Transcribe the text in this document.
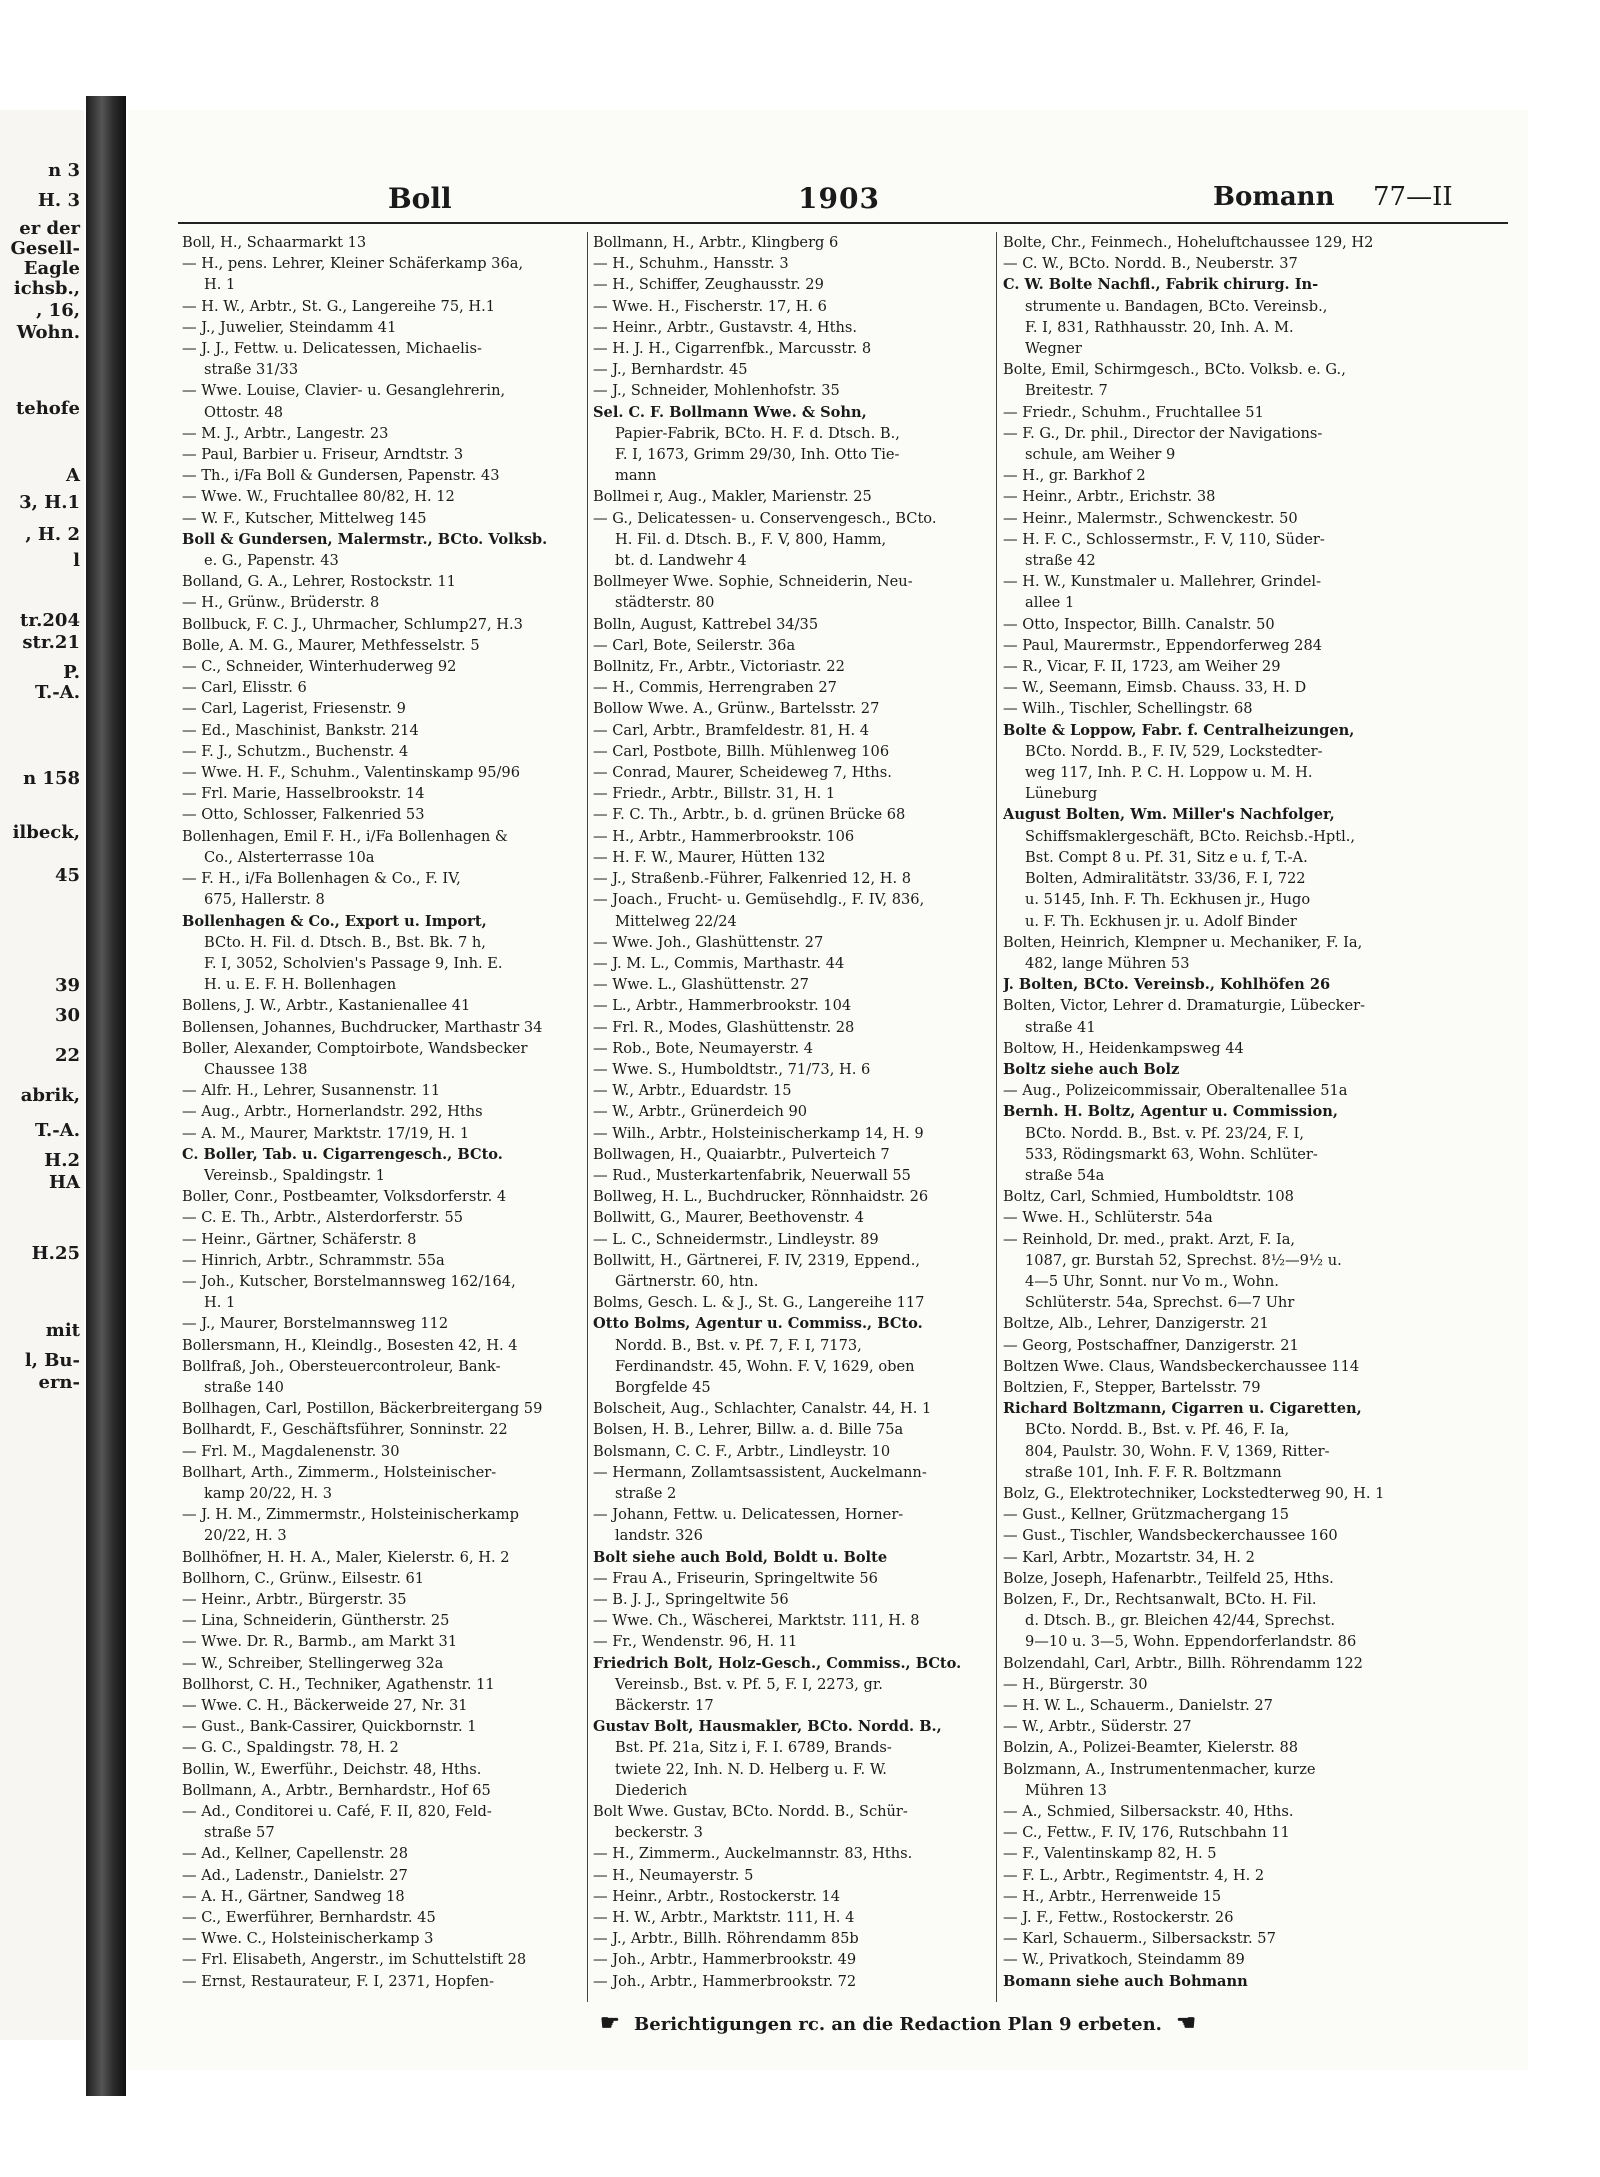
n 3
H. 3
er der
Gesell-
Eagle
ichsb.,
, 16,
Wohn.
tehofe
A
3, H.1
, H. 2
l
tr.204
str.21
P.
T.-A.
n 158
ilbeck,
45
39
30
22
abrik,
T.-A.
H.2
HA
H.25
mit
l, Bu-
ern-
Boll	1903	Bomann 77—II
Boll, H., Schaarmarkt 13
— H., pens. Lehrer, Kleiner Schäferkamp 36a,
H. 1
— H. W., Arbtr., St. G., Langereihe 75, H.1
— J., Juwelier, Steindamm 41
— J. J., Fettw. u. Delicatessen, Michaelis-
straße 31/33
— Wwe. Louise, Clavier- u. Gesanglehrerin,
Ottostr. 48
— M. J., Arbtr., Langestr. 23
— Paul, Barbier u. Friseur, Arndtstr. 3
— Th., i/Fa Boll & Gundersen, Papenstr. 43
— Wwe. W., Fruchtallee 80/82, H. 12
— W. F., Kutscher, Mittelweg 145
Boll & Gundersen, Malermstr., BCto. Volksb.
e. G., Papenstr. 43
Bolland, G. A., Lehrer, Rostockstr. 11
— H., Grünw., Brüderstr. 8
Bollbuck, F. C. J., Uhrmacher, Schlump27, H.3
Bolle, A. M. G., Maurer, Methfesselstr. 5
— C., Schneider, Winterhuderweg 92
— Carl, Elisstr. 6
— Carl, Lagerist, Friesenstr. 9
— Ed., Maschinist, Bankstr. 214
— F. J., Schutzm., Buchenstr. 4
— Wwe. H. F., Schuhm., Valentinskamp 95/96
— Frl. Marie, Hasselbrookstr. 14
— Otto, Schlosser, Falkenried 53
Bollenhagen, Emil F. H., i/Fa Bollenhagen &
Co., Alsterterrasse 10a
— F. H., i/Fa Bollenhagen & Co., F. IV,
675, Hallerstr. 8
Bollenhagen & Co., Export u. Import,
BCto. H. Fil. d. Dtsch. B., Bst. Bk. 7 h,
F. I, 3052, Scholvien's Passage 9, Inh. E.
H. u. E. F. H. Bollenhagen
Bollens, J. W., Arbtr., Kastanienallee 41
Bollensen, Johannes, Buchdrucker, Marthastr 34
Boller, Alexander, Comptoirbote, Wandsbecker
Chaussee 138
— Alfr. H., Lehrer, Susannenstr. 11
— Aug., Arbtr., Hornerlandstr. 292, Hths
— A. M., Maurer, Marktstr. 17/19, H. 1
C. Boller, Tab. u. Cigarrengesch., BCto.
Vereinsb., Spaldingstr. 1
Boller, Conr., Postbeamter, Volksdorferstr. 4
— C. E. Th., Arbtr., Alsterdorferstr. 55
— Heinr., Gärtner, Schäferstr. 8
— Hinrich, Arbtr., Schrammstr. 55a
— Joh., Kutscher, Borstelmannsweg 162/164,
H. 1
— J., Maurer, Borstelmannsweg 112
Bollersmann, H., Kleindlg., Bosesten 42, H. 4
Bollfraß, Joh., Obersteuercontroleur, Bank-
straße 140
Bollhagen, Carl, Postillon, Bäckerbreitergang 59
Bollhardt, F., Geschäftsführer, Sonninstr. 22
— Frl. M., Magdalenenstr. 30
Bollhart, Arth., Zimmerm., Holsteinischer-
kamp 20/22, H. 3
— J. H. M., Zimmermstr., Holsteinischerkamp
20/22, H. 3
Bollhöfner, H. H. A., Maler, Kielerstr. 6, H. 2
Bollhorn, C., Grünw., Eilsestr. 61
— Heinr., Arbtr., Bürgerstr. 35
— Lina, Schneiderin, Güntherstr. 25
— Wwe. Dr. R., Barmb., am Markt 31
— W., Schreiber, Stellingerweg 32a
Bollhorst, C. H., Techniker, Agathenstr. 11
— Wwe. C. H., Bäckerweide 27, Nr. 31
— Gust., Bank-Cassirer, Quickbornstr. 1
— G. C., Spaldingstr. 78, H. 2
Bollin, W., Ewerführ., Deichstr. 48, Hths.
Bollmann, A., Arbtr., Bernhardstr., Hof 65
— Ad., Conditorei u. Café, F. II, 820, Feld-
straße 57
— Ad., Kellner, Capellenstr. 28
— Ad., Ladenstr., Danielstr. 27
— A. H., Gärtner, Sandweg 18
— C., Ewerführer, Bernhardstr. 45
— Wwe. C., Holsteinischerkamp 3
— Frl. Elisabeth, Angerstr., im Schuttelstift 28
— Ernst, Restaurateur, F. I, 2371, Hopfen-
Bollmann, H., Arbtr., Klingberg 6
— H., Schuhm., Hansstr. 3
— H., Schiffer, Zeughausstr. 29
— Wwe. H., Fischerstr. 17, H. 6
— Heinr., Arbtr., Gustavstr. 4, Hths.
— H. J. H., Cigarrenfbk., Marcusstr. 8
— J., Bernhardstr. 45
— J., Schneider, Mohlenhofstr. 35
Sel. C. F. Bollmann Wwe. & Sohn,
Papier-Fabrik, BCto. H. F. d. Dtsch. B.,
F. I, 1673, Grimm 29/30, Inh. Otto Tie-
mann
Bollmei r, Aug., Makler, Marienstr. 25
— G., Delicatessen- u. Conservengesch., BCto.
H. Fil. d. Dtsch. B., F. V, 800, Hamm,
bt. d. Landwehr 4
Bollmeyer Wwe. Sophie, Schneiderin, Neu-
städterstr. 80
Bolln, August, Kattrebel 34/35
— Carl, Bote, Seilerstr. 36a
Bollnitz, Fr., Arbtr., Victoriastr. 22
— H., Commis, Herrengraben 27
Bollow Wwe. A., Grünw., Bartelsstr. 27
— Carl, Arbtr., Bramfeldestr. 81, H. 4
— Carl, Postbote, Billh. Mühlenweg 106
— Conrad, Maurer, Scheideweg 7, Hths.
— Friedr., Arbtr., Billstr. 31, H. 1
— F. C. Th., Arbtr., b. d. grünen Brücke 68
— H., Arbtr., Hammerbrookstr. 106
— H. F. W., Maurer, Hütten 132
— J., Straßenb.-Führer, Falkenried 12, H. 8
— Joach., Frucht- u. Gemüsehdlg., F. IV, 836,
Mittelweg 22/24
— Wwe. Joh., Glashüttenstr. 27
— J. M. L., Commis, Marthastr. 44
— Wwe. L., Glashüttenstr. 27
— L., Arbtr., Hammerbrookstr. 104
— Frl. R., Modes, Glashüttenstr. 28
— Rob., Bote, Neumayerstr. 4
— Wwe. S., Humboldtstr., 71/73, H. 6
— W., Arbtr., Eduardstr. 15
— W., Arbtr., Grünerdeich 90
— Wilh., Arbtr., Holsteinischerkamp 14, H. 9
Bollwagen, H., Quaiarbtr., Pulverteich 7
— Rud., Musterkartenfabrik, Neuerwall 55
Bollweg, H. L., Buchdrucker, Rönnhaidstr. 26
Bollwitt, G., Maurer, Beethovenstr. 4
— L. C., Schneidermstr., Lindleystr. 89
Bollwitt, H., Gärtnerei, F. IV, 2319, Eppend.,
Gärtnerstr. 60, htn.
Bolms, Gesch. L. & J., St. G., Langereihe 117
Otto Bolms, Agentur u. Commiss., BCto.
Nordd. B., Bst. v. Pf. 7, F. I, 7173,
Ferdinandstr. 45, Wohn. F. V, 1629, oben
Borgfelde 45
Bolscheit, Aug., Schlachter, Canalstr. 44, H. 1
Bolsen, H. B., Lehrer, Billw. a. d. Bille 75a
Bolsmann, C. C. F., Arbtr., Lindleystr. 10
— Hermann, Zollamtsassistent, Auckelmann-
straße 2
— Johann, Fettw. u. Delicatessen, Horner-
landstr. 326
Bolt siehe auch Bold, Boldt u. Bolte
— Frau A., Friseurin, Springeltwite 56
— B. J. J., Springeltwite 56
— Wwe. Ch., Wäscherei, Marktstr. 111, H. 8
— Fr., Wendenstr. 96, H. 11
Friedrich Bolt, Holz-Gesch., Commiss., BCto.
Vereinsb., Bst. v. Pf. 5, F. I, 2273, gr.
Bäckerstr. 17
Gustav Bolt, Hausmakler, BCto. Nordd. B.,
Bst. Pf. 21a, Sitz i, F. I. 6789, Brands-
twiete 22, Inh. N. D. Helberg u. F. W.
Diederich
Bolt Wwe. Gustav, BCto. Nordd. B., Schür-
beckerstr. 3
— H., Zimmerm., Auckelmannstr. 83, Hths.
— H., Neumayerstr. 5
— Heinr., Arbtr., Rostockerstr. 14
— H. W., Arbtr., Marktstr. 111, H. 4
— J., Arbtr., Billh. Röhrendamm 85b
— Joh., Arbtr., Hammerbrookstr. 49
— Joh., Arbtr., Hammerbrookstr. 72
Bolte, Chr., Feinmech., Hoheluftchaussee 129, H2
— C. W., BCto. Nordd. B., Neuberstr. 37
C. W. Bolte Nachfl., Fabrik chirurg. In-
strumente u. Bandagen, BCto. Vereinsb.,
F. I, 831, Rathhausstr. 20, Inh. A. M.
Wegner
Bolte, Emil, Schirmgesch., BCto. Volksb. e. G.,
Breitestr. 7
— Friedr., Schuhm., Fruchtallee 51
— F. G., Dr. phil., Director der Navigations-
schule, am Weiher 9
— H., gr. Barkhof 2
— Heinr., Arbtr., Erichstr. 38
— Heinr., Malermstr., Schwenckestr. 50
— H. F. C., Schlossermstr., F. V, 110, Süder-
straße 42
— H. W., Kunstmaler u. Mallehrer, Grindel-
allee 1
— Otto, Inspector, Billh. Canalstr. 50
— Paul, Maurermstr., Eppendorferweg 284
— R., Vicar, F. II, 1723, am Weiher 29
— W., Seemann, Eimsb. Chauss. 33, H. D
— Wilh., Tischler, Schellingstr. 68
Bolte & Loppow, Fabr. f. Centralheizungen,
BCto. Nordd. B., F. IV, 529, Lockstedter-
weg 117, Inh. P. C. H. Loppow u. M. H.
Lüneburg
August Bolten, Wm. Miller's Nachfolger,
Schiffsmaklergeschäft, BCto. Reichsb.-Hptl.,
Bst. Compt 8 u. Pf. 31, Sitz e u. f, T.-A.
Bolten, Admiralitätstr. 33/36, F. I, 722
u. 5145, Inh. F. Th. Eckhusen jr., Hugo
u. F. Th. Eckhusen jr. u. Adolf Binder
Bolten, Heinrich, Klempner u. Mechaniker, F. Ia,
482, lange Mühren 53
J. Bolten, BCto. Vereinsb., Kohlhöfen 26
Bolten, Victor, Lehrer d. Dramaturgie, Lübecker-
straße 41
Boltow, H., Heidenkampsweg 44
Boltz siehe auch Bolz
— Aug., Polizeicommissair, Oberaltenallee 51a
Bernh. H. Boltz, Agentur u. Commission,
BCto. Nordd. B., Bst. v. Pf. 23/24, F. I,
533, Rödingsmarkt 63, Wohn. Schlüter-
straße 54a
Boltz, Carl, Schmied, Humboldtstr. 108
— Wwe. H., Schlüterstr. 54a
— Reinhold, Dr. med., prakt. Arzt, F. Ia,
1087, gr. Burstah 52, Sprechst. 8½—9½ u.
4—5 Uhr, Sonnt. nur Vo m., Wohn.
Schlüterstr. 54a, Sprechst. 6—7 Uhr
Boltze, Alb., Lehrer, Danzigerstr. 21
— Georg, Postschaffner, Danzigerstr. 21
Boltzen Wwe. Claus, Wandsbeckerchaussee 114
Boltzien, F., Stepper, Bartelsstr. 79
Richard Boltzmann, Cigarren u. Cigaretten,
BCto. Nordd. B., Bst. v. Pf. 46, F. Ia,
804, Paulstr. 30, Wohn. F. V, 1369, Ritter-
straße 101, Inh. F. F. R. Boltzmann
Bolz, G., Elektrotechniker, Lockstedterweg 90, H. 1
— Gust., Kellner, Grützmachergang 15
— Gust., Tischler, Wandsbeckerchaussee 160
— Karl, Arbtr., Mozartstr. 34, H. 2
Bolze, Joseph, Hafenarbtr., Teilfeld 25, Hths.
Bolzen, F., Dr., Rechtsanwalt, BCto. H. Fil.
d. Dtsch. B., gr. Bleichen 42/44, Sprechst.
9—10 u. 3—5, Wohn. Eppendorferlandstr. 86
Bolzendahl, Carl, Arbtr., Billh. Röhrendamm 122
— H., Bürgerstr. 30
— H. W. L., Schauerm., Danielstr. 27
— W., Arbtr., Süderstr. 27
Bolzin, A., Polizei-Beamter, Kielerstr. 88
Bolzmann, A., Instrumentenmacher, kurze
Mühren 13
— A., Schmied, Silbersackstr. 40, Hths.
— C., Fettw., F. IV, 176, Rutschbahn 11
— F., Valentinskamp 82, H. 5
— F. L., Arbtr., Regimentstr. 4, H. 2
— H., Arbtr., Herrenweide 15
— J. F., Fettw., Rostockerstr. 26
— Karl, Schauerm., Silbersackstr. 57
— W., Privatkoch, Steindamm 89
Bomann siehe auch Bohmann
☛ Berichtigungen rc. an die Redaction Plan 9 erbeten. ☚
